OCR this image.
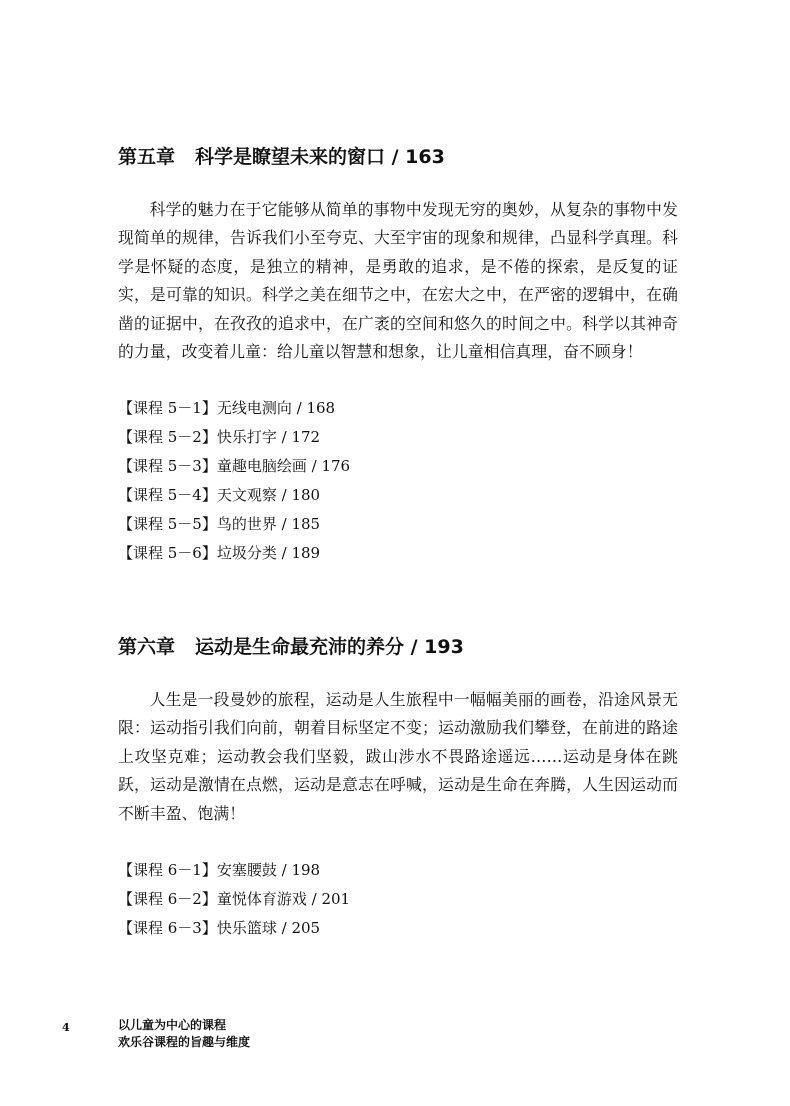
第五章 科学是瞭望未来的窗口 / 163

科学的魅力在于它能够从简单的事物中发现无穷的奥妙，从复杂的事物中发现简单的规律，告诉我们小至夸克、大至宇宙的现象和规律，凸显科学真理。科学是怀疑的态度，是独立的精神，是勇敢的追求，是不倦的探索，是反复的证实，是可靠的知识。科学之美在细节之中，在宏大之中，在严密的逻辑中，在确凿的证据中，在孜孜的追求中，在广袤的空间和悠久的时间之中。科学以其神奇的力量，改变着儿童：给儿童以智慧和想象，让儿童相信真理，奋不顾身！

【课程 5－1】无线电测向 / 168
【课程 5－2】快乐打字 / 172
【课程 5－3】童趣电脑绘画 / 176
【课程 5－4】天文观察 / 180
【课程 5－5】鸟的世界 / 185
【课程 5－6】垃圾分类 / 189
第六章 运动是生命最充沛的养分 / 193

人生是一段曼妙的旅程，运动是人生旅程中一幅幅美丽的画卷，沿途风景无限：运动指引我们向前，朝着目标坚定不变；运动激励我们攀登，在前进的路途上攻坚克难；运动教会我们坚毅，跋山涉水不畏路途遥远……运动是身体在跳跃，运动是激情在点燃，运动是意志在呼喊，运动是生命在奔腾，人生因运动而不断丰盈、饱满！

【课程 6－1】安塞腰鼓 / 198
【课程 6－2】童悦体育游戏 / 201
【课程 6－3】快乐篮球 / 205
4	以儿童为中心的课程
欢乐谷课程的旨趣与维度
